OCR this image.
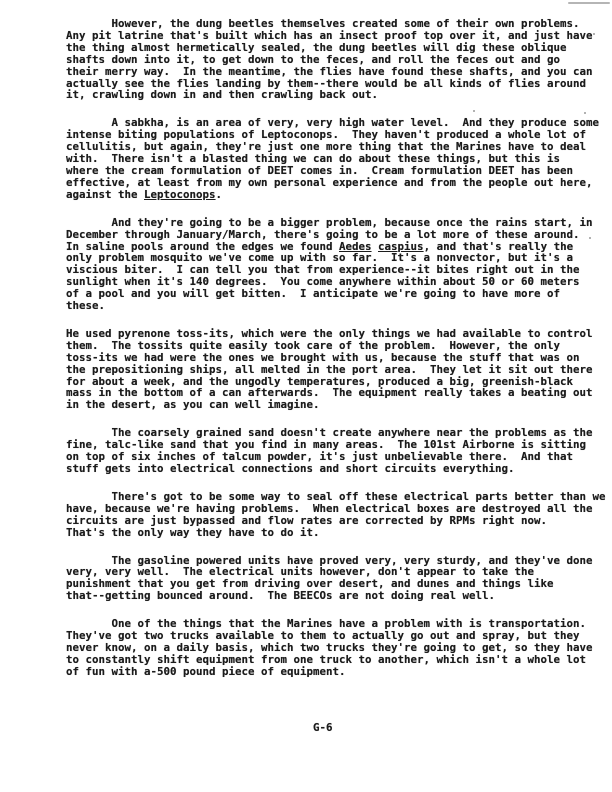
However, the dung beetles themselves created some of their own problems.
Any pit latrine that's built which has an insect proof top over it, and just have
the thing almost hermetically sealed, the dung beetles will dig these oblique
shafts down into it, to get down to the feces, and roll the feces out and go
their merry way.  In the meantime, the flies have found these shafts, and you can
actually see the flies landing by them--there would be all kinds of flies around
it, crawling down in and then crawling back out.

A sabkha, is an area of very, very high water level.  And they produce some
intense biting populations of Leptoconops.  They haven't produced a whole lot of
cellulitis, but again, they're just one more thing that the Marines have to deal
with.  There isn't a blasted thing we can do about these things, but this is
where the cream formulation of DEET comes in.  Cream formulation DEET has been
effective, at least from my own personal experience and from the people out here,
against the Leptoconops.

And they're going to be a bigger problem, because once the rains start, in
December through January/March, there's going to be a lot more of these around.
In saline pools around the edges we found Aedes caspius, and that's really the
only problem mosquito we've come up with so far.  It's a nonvector, but it's a
viscious biter.  I can tell you that from experience--it bites right out in the
sunlight when it's 140 degrees.  You come anywhere within about 50 or 60 meters
of a pool and you will get bitten.  I anticipate we're going to have more of
these.

He used pyrenone toss-its, which were the only things we had available to control
them.  The tossits quite easily took care of the problem.  However, the only
toss-its we had were the ones we brought with us, because the stuff that was on
the prepositioning ships, all melted in the port area.  They let it sit out there
for about a week, and the ungodly temperatures, produced a big, greenish-black
mass in the bottom of a can afterwards.  The equipment really takes a beating out
in the desert, as you can well imagine.

The coarsely grained sand doesn't create anywhere near the problems as the
fine, talc-like sand that you find in many areas.  The 101st Airborne is sitting
on top of six inches of talcum powder, it's just unbelievable there.  And that
stuff gets into electrical connections and short circuits everything.

There's got to be some way to seal off these electrical parts better than we
have, because we're having problems.  When electrical boxes are destroyed all the
circuits are just bypassed and flow rates are corrected by RPMs right now.
That's the only way they have to do it.

The gasoline powered units have proved very, very sturdy, and they've done
very, very well.  The electrical units however, don't appear to take the
punishment that you get from driving over desert, and dunes and things like
that--getting bounced around.  The BEECOs are not doing real well.

One of the things that the Marines have a problem with is transportation.
They've got two trucks available to them to actually go out and spray, but they
never know, on a daily basis, which two trucks they're going to get, so they have
to constantly shift equipment from one truck to another, which isn't a whole lot
of fun with a-500 pound piece of equipment.

G-6
